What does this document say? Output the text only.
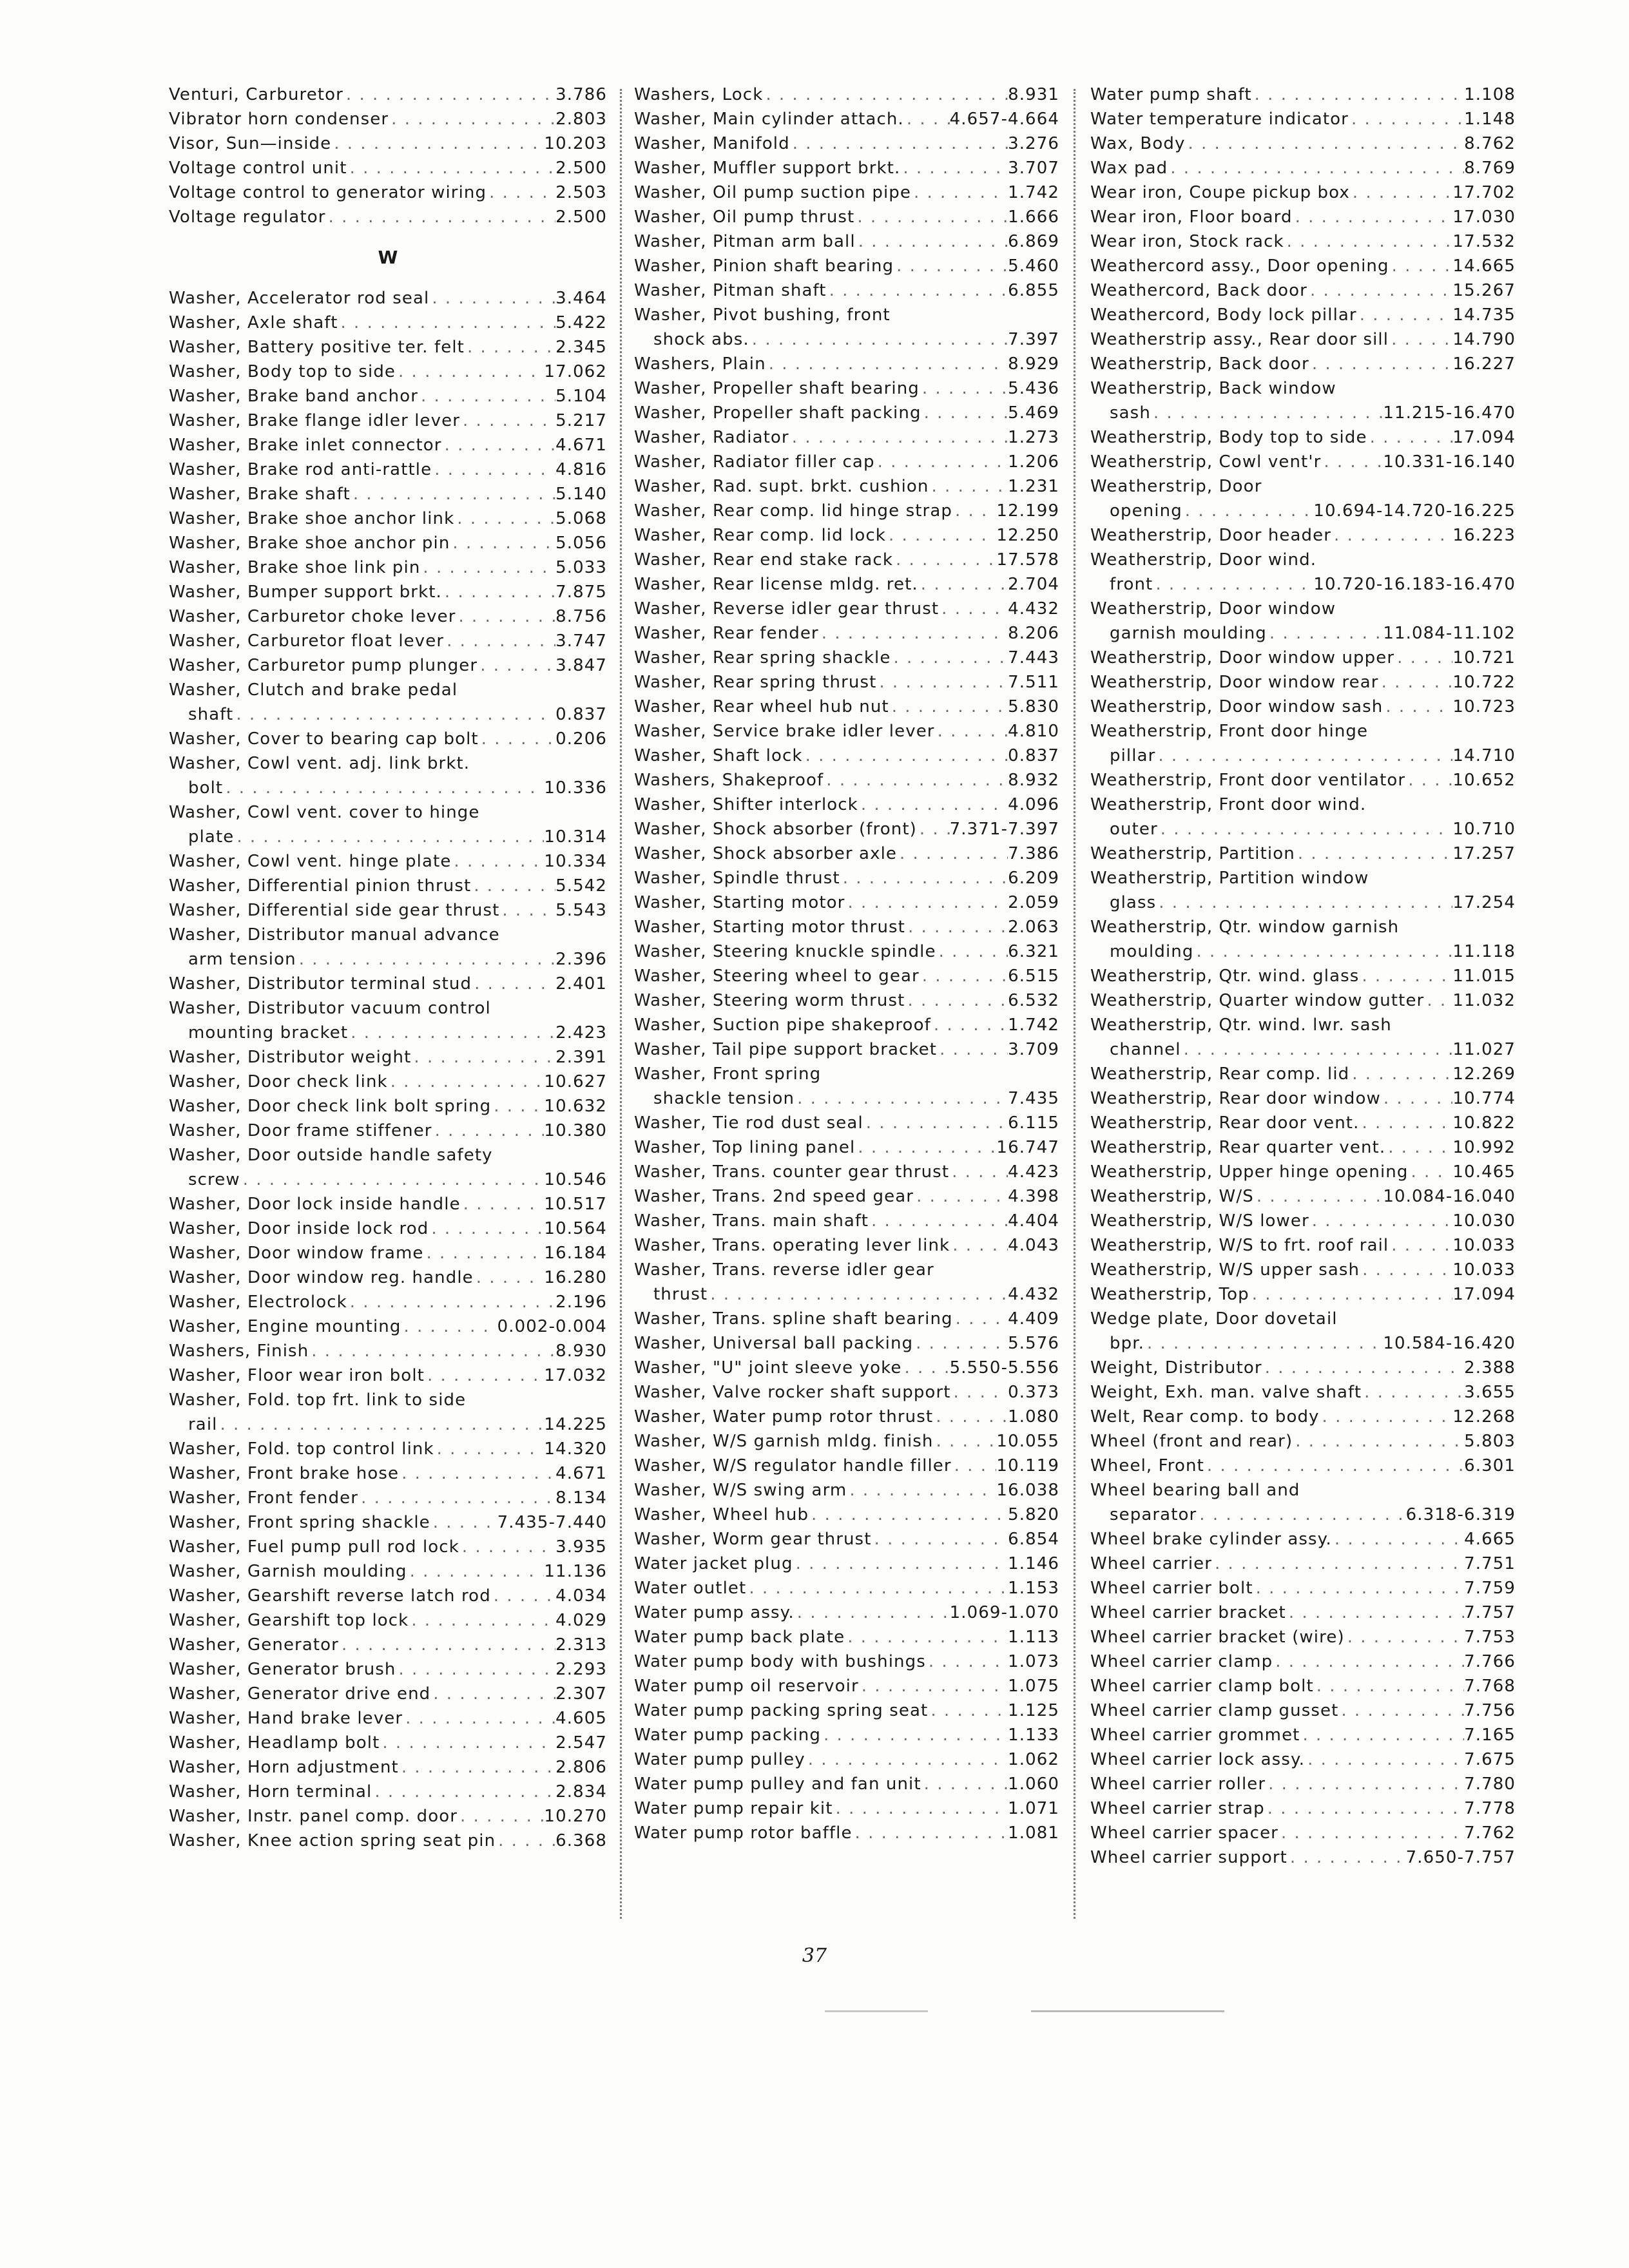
Venturi, Carburetor . . .	3.786
Vibrator horn condenser . . .	2.803
Visor, Sun—inside . . .	10.203
Voltage control unit . . .	2.500
Voltage control to generator wiring . . .	2.503
Voltage regulator . . .	2.500
W
Washer, Accelerator rod seal . . .	3.464
Washer, Axle shaft . . .	5.422
Washer, Battery positive ter. felt . . .	2.345
Washer, Body top to side . . .	17.062
Washer, Brake band anchor . . .	5.104
Washer, Brake flange idler lever . . .	5.217
Washer, Brake inlet connector . . .	4.671
Washer, Brake rod anti-rattle . . .	4.816
Washer, Brake shaft . . .	5.140
Washer, Brake shoe anchor link . . .	5.068
Washer, Brake shoe anchor pin . . .	5.056
Washer, Brake shoe link pin . . .	5.033
Washer, Bumper support brkt. . . .	7.875
Washer, Carburetor choke lever . . .	8.756
Washer, Carburetor float lever . . .	3.747
Washer, Carburetor pump plunger . . .	3.847
Washer, Clutch and brake pedal
shaft . . .	0.837
Washer, Cover to bearing cap bolt . . .	0.206
Washer, Cowl vent. adj. link brkt.
bolt . . .	10.336
Washer, Cowl vent. cover to hinge
plate . . .	10.314
Washer, Cowl vent. hinge plate . . .	10.334
Washer, Differential pinion thrust . . .	5.542
Washer, Differential side gear thrust . . .	5.543
Washer, Distributor manual advance
arm tension . . .	2.396
Washer, Distributor terminal stud . . .	2.401
Washer, Distributor vacuum control
mounting bracket . . .	2.423
Washer, Distributor weight . . .	2.391
Washer, Door check link . . .	10.627
Washer, Door check link bolt spring . . .	10.632
Washer, Door frame stiffener . . .	10.380
Washer, Door outside handle safety
screw . . .	10.546
Washer, Door lock inside handle . . .	10.517
Washer, Door inside lock rod . . .	10.564
Washer, Door window frame . . .	16.184
Washer, Door window reg. handle . . .	16.280
Washer, Electrolock . . .	2.196
Washer, Engine mounting . . .	0.002-0.004
Washers, Finish . . .	8.930
Washer, Floor wear iron bolt . . .	17.032
Washer, Fold. top frt. link to side
rail . . .	14.225
Washer, Fold. top control link . . .	14.320
Washer, Front brake hose . . .	4.671
Washer, Front fender . . .	8.134
Washer, Front spring shackle . . .	7.435-7.440
Washer, Fuel pump pull rod lock . . .	3.935
Washer, Garnish moulding . . .	11.136
Washer, Gearshift reverse latch rod . . .	4.034
Washer, Gearshift top lock . . .	4.029
Washer, Generator . . .	2.313
Washer, Generator brush . . .	2.293
Washer, Generator drive end . . .	2.307
Washer, Hand brake lever . . .	4.605
Washer, Headlamp bolt . . .	2.547
Washer, Horn adjustment . . .	2.806
Washer, Horn terminal . . .	2.834
Washer, Instr. panel comp. door . . .	10.270
Washer, Knee action spring seat pin . . .	6.368
Washers, Lock . . .	8.931
Washer, Main cylinder attach. . . .	4.657-4.664
Washer, Manifold . . .	3.276
Washer, Muffler support brkt. . . .	3.707
Washer, Oil pump suction pipe . . .	1.742
Washer, Oil pump thrust . . .	1.666
Washer, Pitman arm ball . . .	6.869
Washer, Pinion shaft bearing . . .	5.460
Washer, Pitman shaft . . .	6.855
Washer, Pivot bushing, front
shock abs. . . .	7.397
Washers, Plain . . .	8.929
Washer, Propeller shaft bearing . . .	5.436
Washer, Propeller shaft packing . . .	5.469
Washer, Radiator . . .	1.273
Washer, Radiator filler cap . . .	1.206
Washer, Rad. supt. brkt. cushion . . .	1.231
Washer, Rear comp. lid hinge strap . . .	12.199
Washer, Rear comp. lid lock . . .	12.250
Washer, Rear end stake rack . . .	17.578
Washer, Rear license mldg. ret. . . .	2.704
Washer, Reverse idler gear thrust . . .	4.432
Washer, Rear fender . . .	8.206
Washer, Rear spring shackle . . .	7.443
Washer, Rear spring thrust . . .	7.511
Washer, Rear wheel hub nut . . .	5.830
Washer, Service brake idler lever . . .	4.810
Washer, Shaft lock . . .	0.837
Washers, Shakeproof . . .	8.932
Washer, Shifter interlock . . .	4.096
Washer, Shock absorber (front) . . . 7.371-7.397
Washer, Shock absorber axle . . .	7.386
Washer, Spindle thrust . . .	6.209
Washer, Starting motor . . .	2.059
Washer, Starting motor thrust . . .	2.063
Washer, Steering knuckle spindle . . .	6.321
Washer, Steering wheel to gear . . .	6.515
Washer, Steering worm thrust . . .	6.532
Washer, Suction pipe shakeproof . . .	1.742
Washer, Tail pipe support bracket . . .	3.709
Washer, Front spring
shackle tension . . .	7.435
Washer, Tie rod dust seal . . .	6.115
Washer, Top lining panel . . .	16.747
Washer, Trans. counter gear thrust . . .	4.423
Washer, Trans. 2nd speed gear . . .	4.398
Washer, Trans. main shaft . . .	4.404
Washer, Trans. operating lever link . . .	4.043
Washer, Trans. reverse idler gear
thrust . . .	4.432
Washer, Trans. spline shaft bearing . . .	4.409
Washer, Universal ball packing . . .	5.576
Washer, "U" joint sleeve yoke . . .	5.550-5.556
Washer, Valve rocker shaft support . . .	0.373
Washer, Water pump rotor thrust . . .	1.080
Washer, W/S garnish mldg. finish . . .	10.055
Washer, W/S regulator handle filler . . .	10.119
Washer, W/S swing arm . . .	16.038
Washer, Wheel hub . . .	5.820
Washer, Worm gear thrust . . .	6.854
Water jacket plug . . .	1.146
Water outlet . . .	1.153
Water pump assy. . . .	1.069-1.070
Water pump back plate . . .	1.113
Water pump body with bushings . . .	1.073
Water pump oil reservoir . . .	1.075
Water pump packing spring seat . . .	1.125
Water pump packing . . .	1.133
Water pump pulley . . .	1.062
Water pump pulley and fan unit . . .	1.060
Water pump repair kit . . .	1.071
Water pump rotor baffle . . .	1.081
Water pump shaft . . .	1.108
Water temperature indicator . . .	1.148
Wax, Body . . .	8.762
Wax pad . . .	8.769
Wear iron, Coupe pickup box . . .	17.702
Wear iron, Floor board . . .	17.030
Wear iron, Stock rack . . .	17.532
Weathercord assy., Door opening . . .	14.665
Weathercord, Back door . . .	15.267
Weathercord, Body lock pillar . . .	14.735
Weatherstrip assy., Rear door sill . . .	14.790
Weatherstrip, Back door . . .	16.227
Weatherstrip, Back window
sash . . .	11.215-16.470
Weatherstrip, Body top to side . . .	17.094
Weatherstrip, Cowl vent'r . . .	10.331-16.140
Weatherstrip, Door
opening . . .	10.694-14.720-16.225
Weatherstrip, Door header . . .	16.223
Weatherstrip, Door wind.
front . . .	10.720-16.183-16.470
Weatherstrip, Door window
garnish moulding . . .	11.084-11.102
Weatherstrip, Door window upper . . .	10.721
Weatherstrip, Door window rear . . .	10.722
Weatherstrip, Door window sash . . .	10.723
Weatherstrip, Front door hinge
pillar . . .	14.710
Weatherstrip, Front door ventilator . . .	10.652
Weatherstrip, Front door wind.
outer . . .	10.710
Weatherstrip, Partition . . .	17.257
Weatherstrip, Partition window
glass . . .	17.254
Weatherstrip, Qtr. window garnish
moulding . . .	11.118
Weatherstrip, Qtr. wind. glass . . .	11.015
Weatherstrip, Quarter window gutter . . . 11.032
Weatherstrip, Qtr. wind. lwr. sash
channel . . .	11.027
Weatherstrip, Rear comp. lid . . .	12.269
Weatherstrip, Rear door window . . .	10.774
Weatherstrip, Rear door vent. . . .	10.822
Weatherstrip, Rear quarter vent. . . .	10.992
Weatherstrip, Upper hinge opening . . .	10.465
Weatherstrip, W/S . . .	10.084-16.040
Weatherstrip, W/S lower . . .	10.030
Weatherstrip, W/S to frt. roof rail . . .	10.033
Weatherstrip, W/S upper sash . . .	10.033
Weatherstrip, Top . . .	17.094
Wedge plate, Door dovetail
bpr. . . .	10.584-16.420
Weight, Distributor . . .	2.388
Weight, Exh. man. valve shaft . . .	3.655
Welt, Rear comp. to body . . .	12.268
Wheel (front and rear) . . .	5.803
Wheel, Front . . .	6.301
Wheel bearing ball and
separator . . .	6.318-6.319
Wheel brake cylinder assy. . . .	4.665
Wheel carrier . . .	7.751
Wheel carrier bolt . . .	7.759
Wheel carrier bracket . . .	7.757
Wheel carrier bracket (wire) . . .	7.753
Wheel carrier clamp . . .	7.766
Wheel carrier clamp bolt . . .	7.768
Wheel carrier clamp gusset . . .	7.756
Wheel carrier grommet . . .	7.165
Wheel carrier lock assy. . . .	7.675
Wheel carrier roller . . .	7.780
Wheel carrier strap . . .	7.778
Wheel carrier spacer . . .	7.762
Wheel carrier support . . .	7.650-7.757
37
